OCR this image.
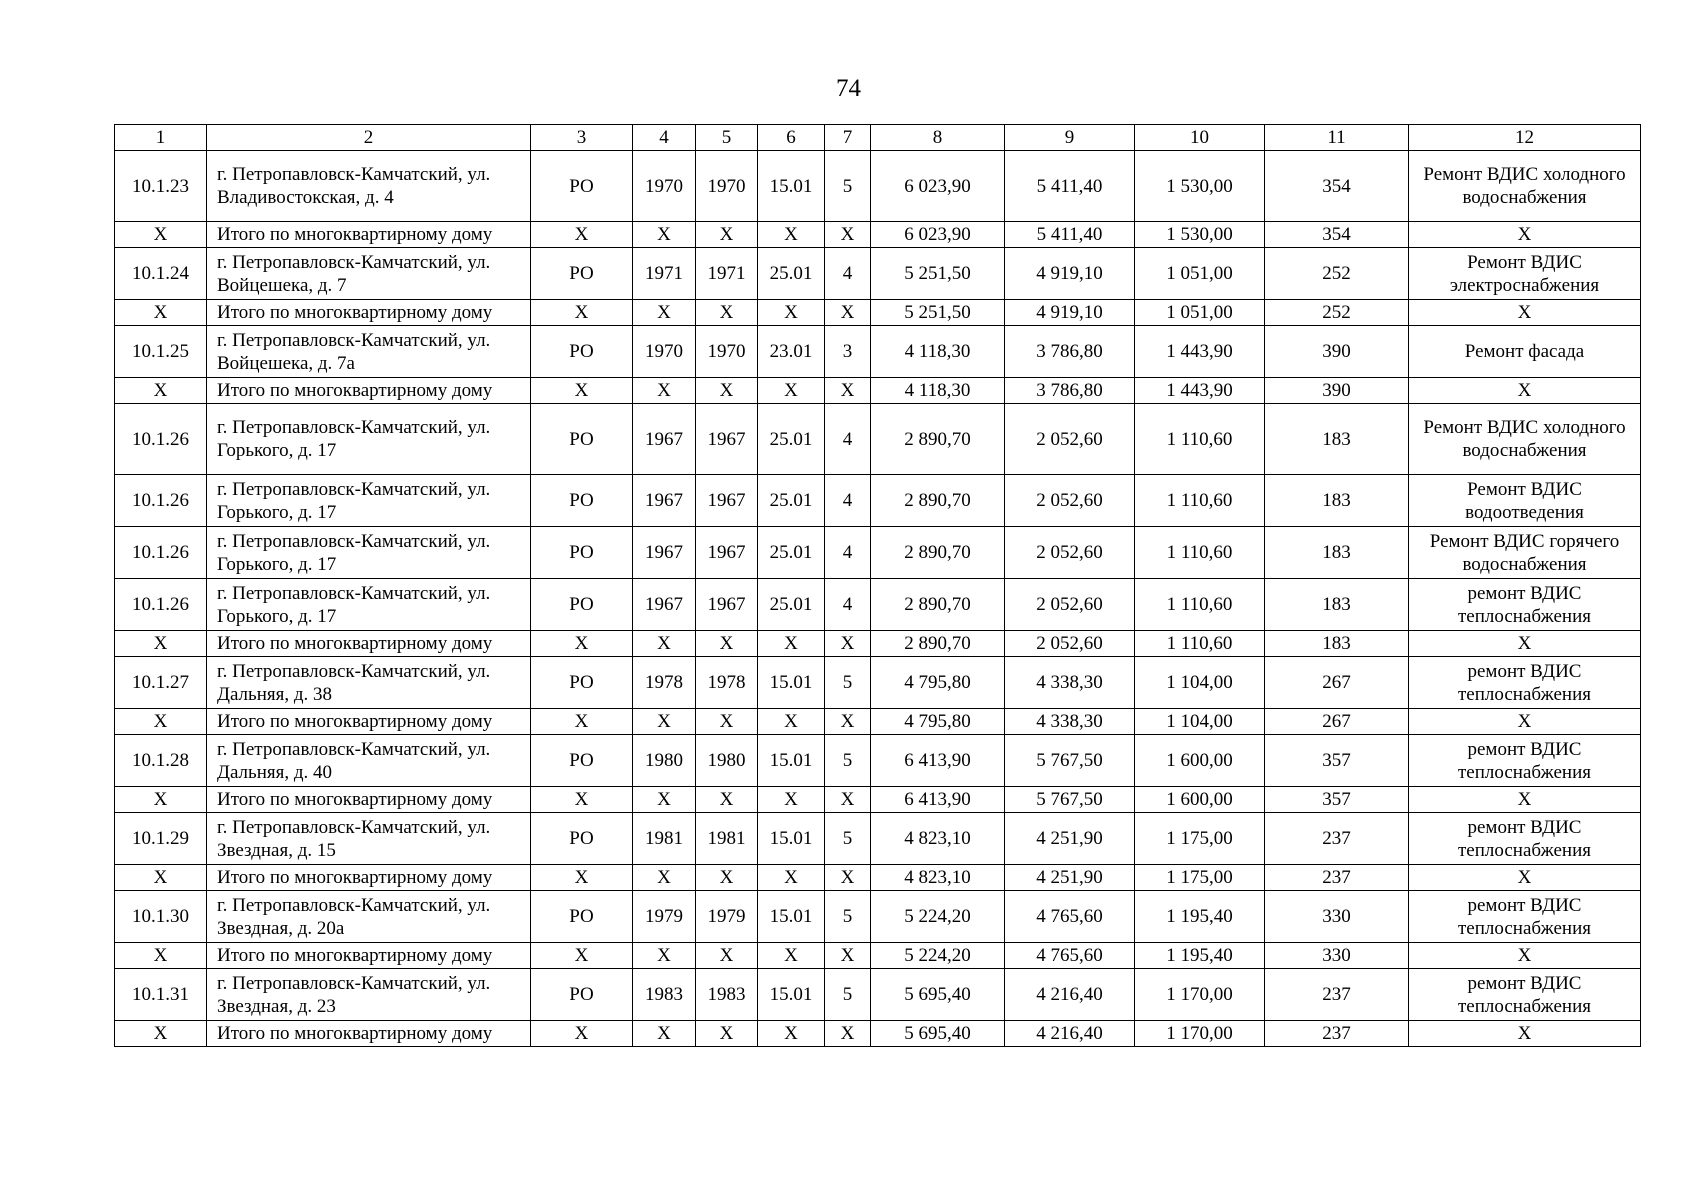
74
1	2	3	4	5	6	7	8	9	10	11	12
10.1.23	г. Петропавловск-Камчатский, ул. Владивостокская, д. 4	РО	1970	1970	15.01	5	6 023,90	5 411,40	1 530,00	354	Ремонт ВДИС холодного водоснабжения
X	Итого по многоквартирному дому	X	X	X	X	X	6 023,90	5 411,40	1 530,00	354	X
10.1.24	г. Петропавловск-Камчатский, ул. Войцешека, д. 7	РО	1971	1971	25.01	4	5 251,50	4 919,10	1 051,00	252	Ремонт ВДИС электроснабжения
X	Итого по многоквартирному дому	X	X	X	X	X	5 251,50	4 919,10	1 051,00	252	X
10.1.25	г. Петропавловск-Камчатский, ул. Войцешека, д. 7а	РО	1970	1970	23.01	3	4 118,30	3 786,80	1 443,90	390	Ремонт фасада
X	Итого по многоквартирному дому	X	X	X	X	X	4 118,30	3 786,80	1 443,90	390	X
10.1.26	г. Петропавловск-Камчатский, ул. Горького, д. 17	РО	1967	1967	25.01	4	2 890,70	2 052,60	1 110,60	183	Ремонт ВДИС холодного водоснабжения
10.1.26	г. Петропавловск-Камчатский, ул. Горького, д. 17	РО	1967	1967	25.01	4	2 890,70	2 052,60	1 110,60	183	Ремонт ВДИС водоотведения
10.1.26	г. Петропавловск-Камчатский, ул. Горького, д. 17	РО	1967	1967	25.01	4	2 890,70	2 052,60	1 110,60	183	Ремонт ВДИС горячего водоснабжения
10.1.26	г. Петропавловск-Камчатский, ул. Горького, д. 17	РО	1967	1967	25.01	4	2 890,70	2 052,60	1 110,60	183	ремонт ВДИС теплоснабжения
X	Итого по многоквартирному дому	X	X	X	X	X	2 890,70	2 052,60	1 110,60	183	X
10.1.27	г. Петропавловск-Камчатский, ул. Дальняя, д. 38	РО	1978	1978	15.01	5	4 795,80	4 338,30	1 104,00	267	ремонт ВДИС теплоснабжения
X	Итого по многоквартирному дому	X	X	X	X	X	4 795,80	4 338,30	1 104,00	267	X
10.1.28	г. Петропавловск-Камчатский, ул. Дальняя, д. 40	РО	1980	1980	15.01	5	6 413,90	5 767,50	1 600,00	357	ремонт ВДИС теплоснабжения
X	Итого по многоквартирному дому	X	X	X	X	X	6 413,90	5 767,50	1 600,00	357	X
10.1.29	г. Петропавловск-Камчатский, ул. Звездная, д. 15	РО	1981	1981	15.01	5	4 823,10	4 251,90	1 175,00	237	ремонт ВДИС теплоснабжения
X	Итого по многоквартирному дому	X	X	X	X	X	4 823,10	4 251,90	1 175,00	237	X
10.1.30	г. Петропавловск-Камчатский, ул. Звездная, д. 20а	РО	1979	1979	15.01	5	5 224,20	4 765,60	1 195,40	330	ремонт ВДИС теплоснабжения
X	Итого по многоквартирному дому	X	X	X	X	X	5 224,20	4 765,60	1 195,40	330	X
10.1.31	г. Петропавловск-Камчатский, ул. Звездная, д. 23	РО	1983	1983	15.01	5	5 695,40	4 216,40	1 170,00	237	ремонт ВДИС теплоснабжения
X	Итого по многоквартирному дому	X	X	X	X	X	5 695,40	4 216,40	1 170,00	237	X
